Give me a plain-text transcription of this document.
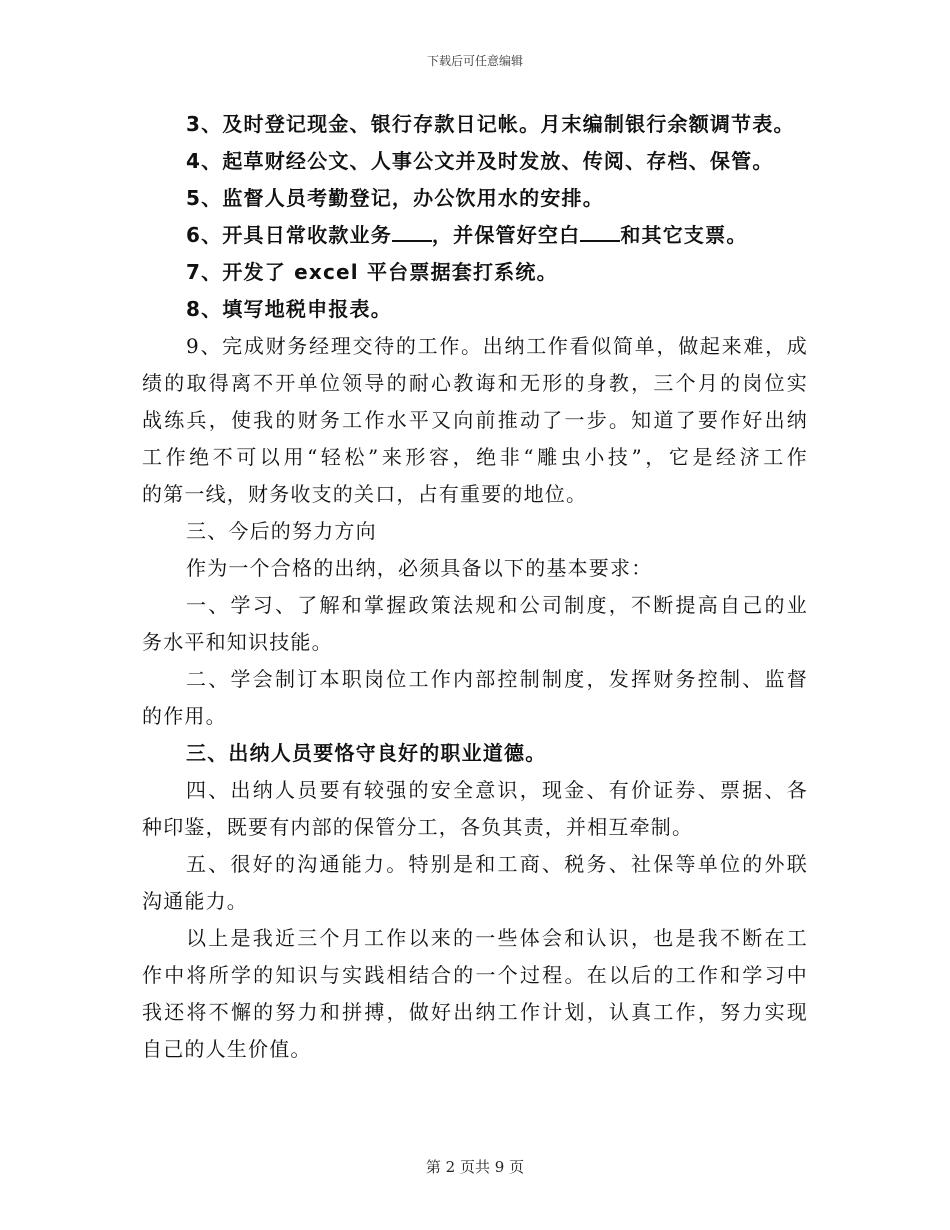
下载后可任意编辑
3、及时登记现金、银行存款日记帐。月末编制银行余额调节表。
4、起草财经公文、人事公文并及时发放、传阅、存档、保管。
5、监督人员考勤登记，办公饮用水的安排。
6、开具日常收款业务 ，并保管好空白 和其它支票。
7、开发了 excel 平台票据套打系统。
8、填写地税申报表。
9、完成财务经理交待的工作。出纳工作看似简单，做起来难，成
绩的取得离不开单位领导的耐心教诲和无形的身教，三个月的岗位实
战练兵，使我的财务工作水平又向前推动了一步。知道了要作好出纳
工作绝不可以用“轻松”来形容，绝非“雕虫小技”，它是经济工作
的第一线，财务收支的关口，占有重要的地位。
三、今后的努力方向
作为一个合格的出纳，必须具备以下的基本要求：
一、学习、了解和掌握政策法规和公司制度，不断提高自己的业
务水平和知识技能。
二、学会制订本职岗位工作内部控制制度，发挥财务控制、监督
的作用。
三、出纳人员要恪守良好的职业道德。
四、出纳人员要有较强的安全意识，现金、有价证券、票据、各
种印鉴，既要有内部的保管分工，各负其责，并相互牵制。
五、很好的沟通能力。特别是和工商、税务、社保等单位的外联
沟通能力。
以上是我近三个月工作以来的一些体会和认识，也是我不断在工
作中将所学的知识与实践相结合的一个过程。在以后的工作和学习中
我还将不懈的努力和拼搏，做好出纳工作计划，认真工作，努力实现
自己的人生价值。
第 2 页共 9 页
